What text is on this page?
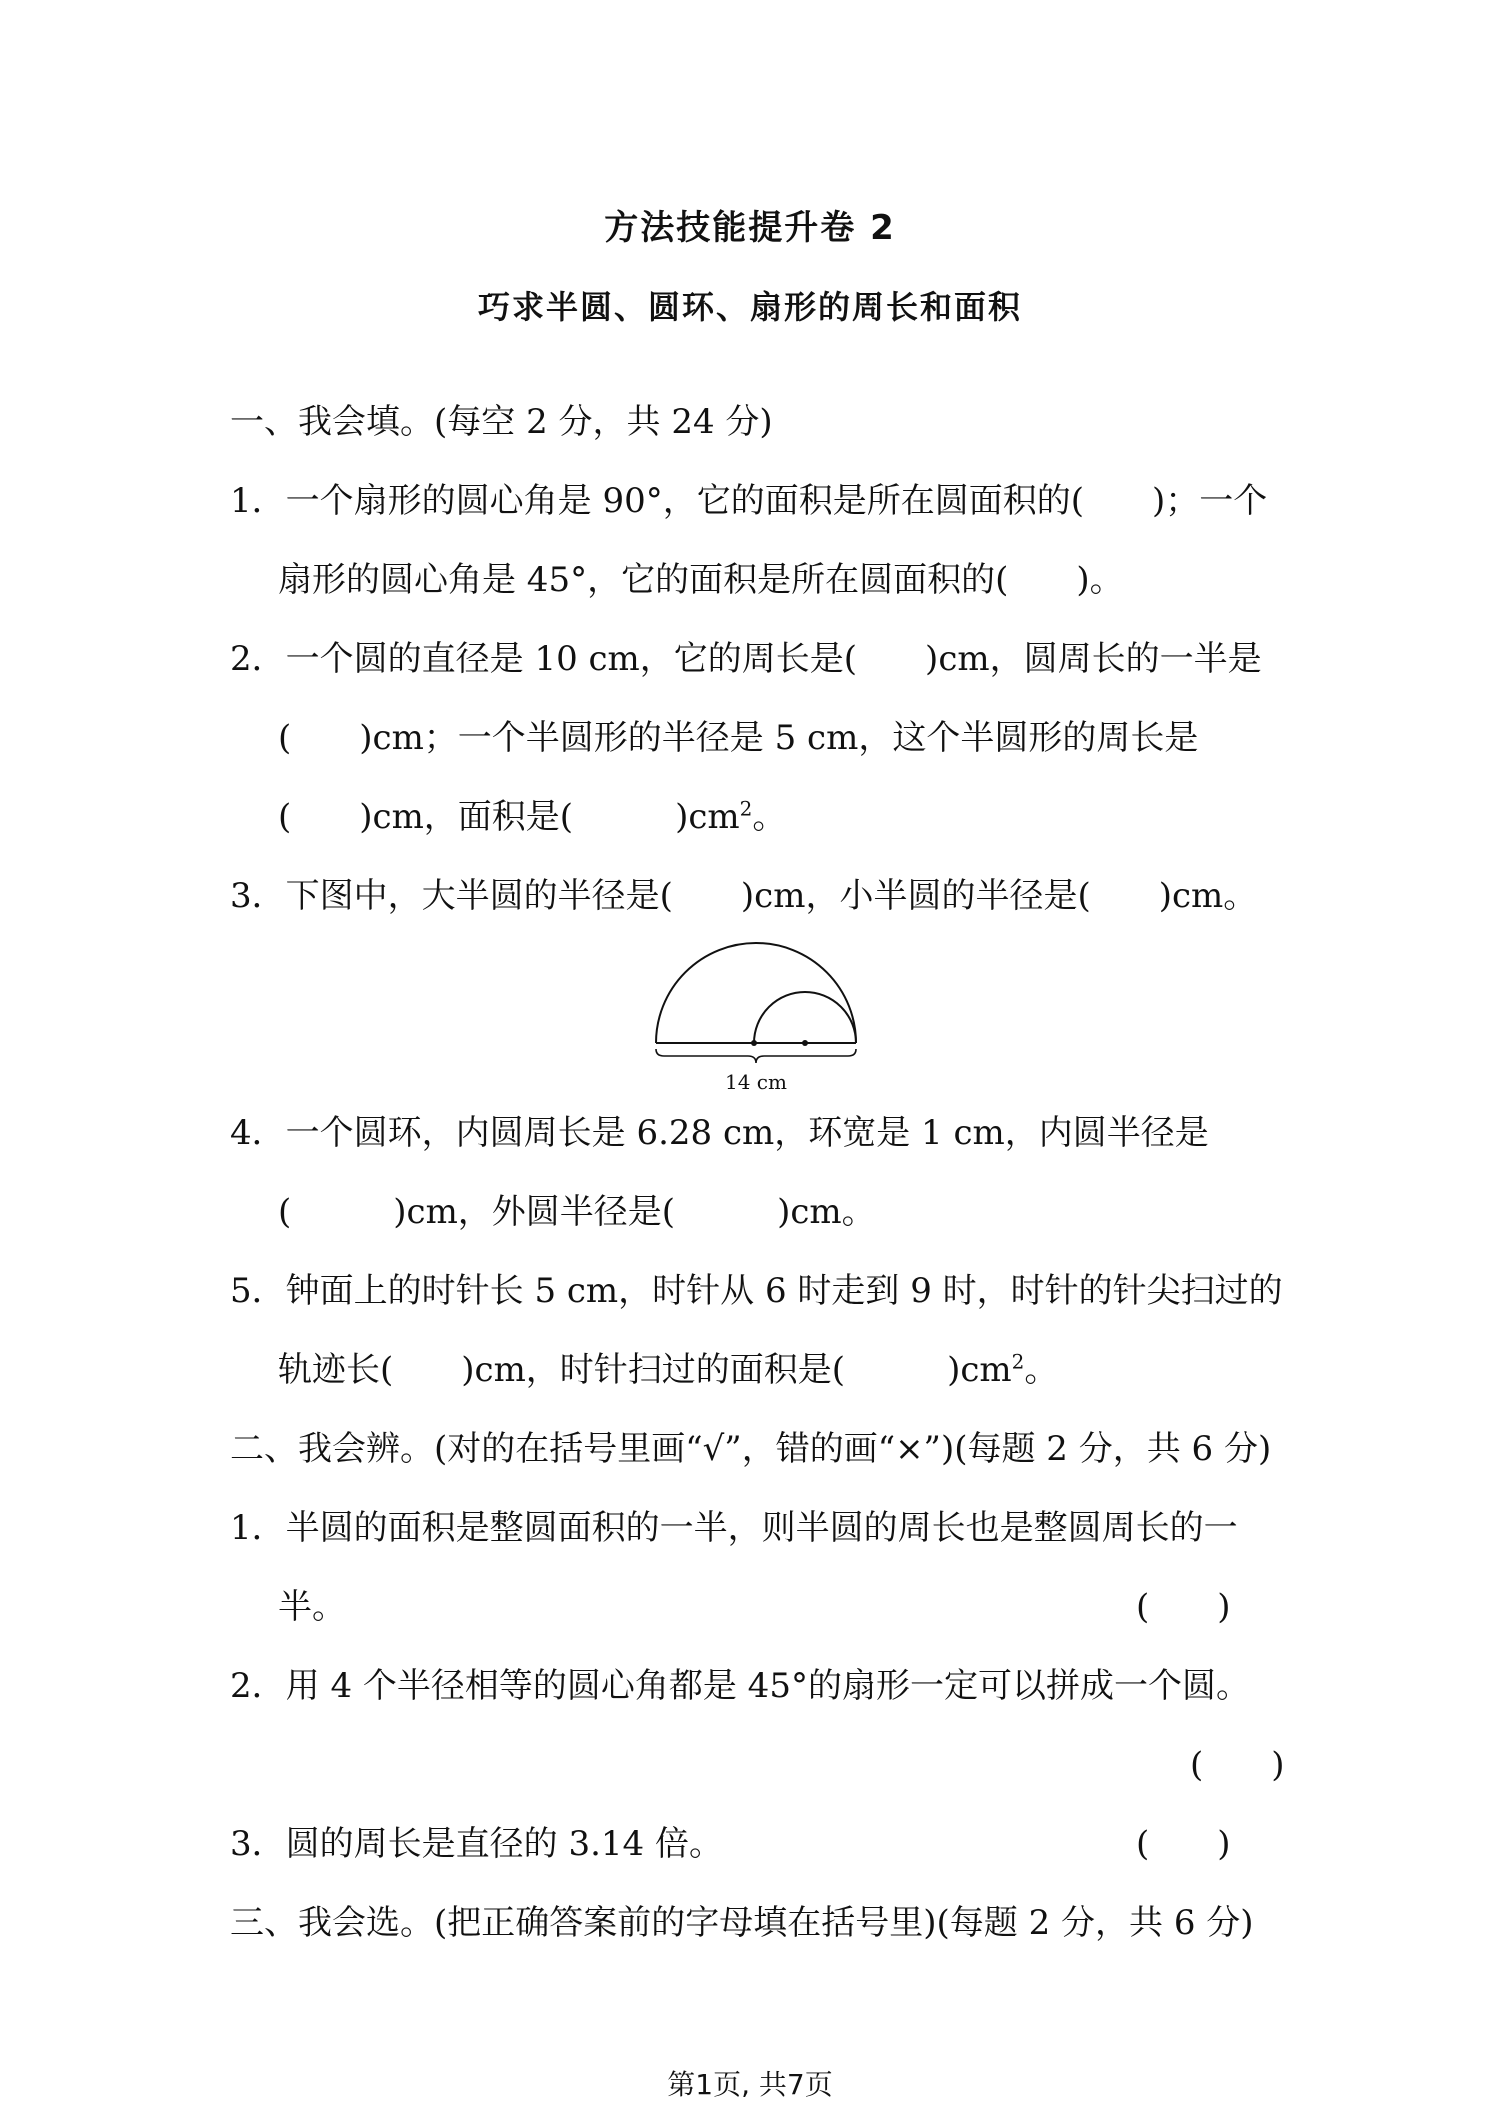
方法技能提升卷 2
巧求半圆、圆环、扇形的周长和面积
一、我会填。(每空 2 分，共 24 分)
1．一个扇形的圆心角是 90°，它的面积是所在圆面积的(　　)；一个
扇形的圆心角是 45°，它的面积是所在圆面积的(　　)。
2．一个圆的直径是 10 cm，它的周长是(　　)cm，圆周长的一半是
(　　)cm；一个半圆形的半径是 5 cm，这个半圆形的周长是
(　　)cm，面积是(　　　)$cm^2$。
3．下图中，大半圆的半径是(　　)cm，小半圆的半径是(　　)cm。
14 cm
4．一个圆环，内圆周长是 6.28 cm，环宽是 1 cm，内圆半径是
(　　　)cm，外圆半径是(　　　)cm。
5．钟面上的时针长 5 cm，时针从 6 时走到 9 时，时针的针尖扫过的
轨迹长(　　)cm，时针扫过的面积是(　　　)$cm^2$。
二、我会辨。(对的在括号里画“√”，错的画“×”)(每题 2 分，共 6 分)
1．半圆的面积是整圆面积的一半，则半圆的周长也是整圆周长的一
半。	(　　)
2．用 4 个半径相等的圆心角都是 45°的扇形一定可以拼成一个圆。
(　　)
3．圆的周长是直径的 3.14 倍。	(　　)
三、我会选。(把正确答案前的字母填在括号里)(每题 2 分，共 6 分)
第1页, 共7页
